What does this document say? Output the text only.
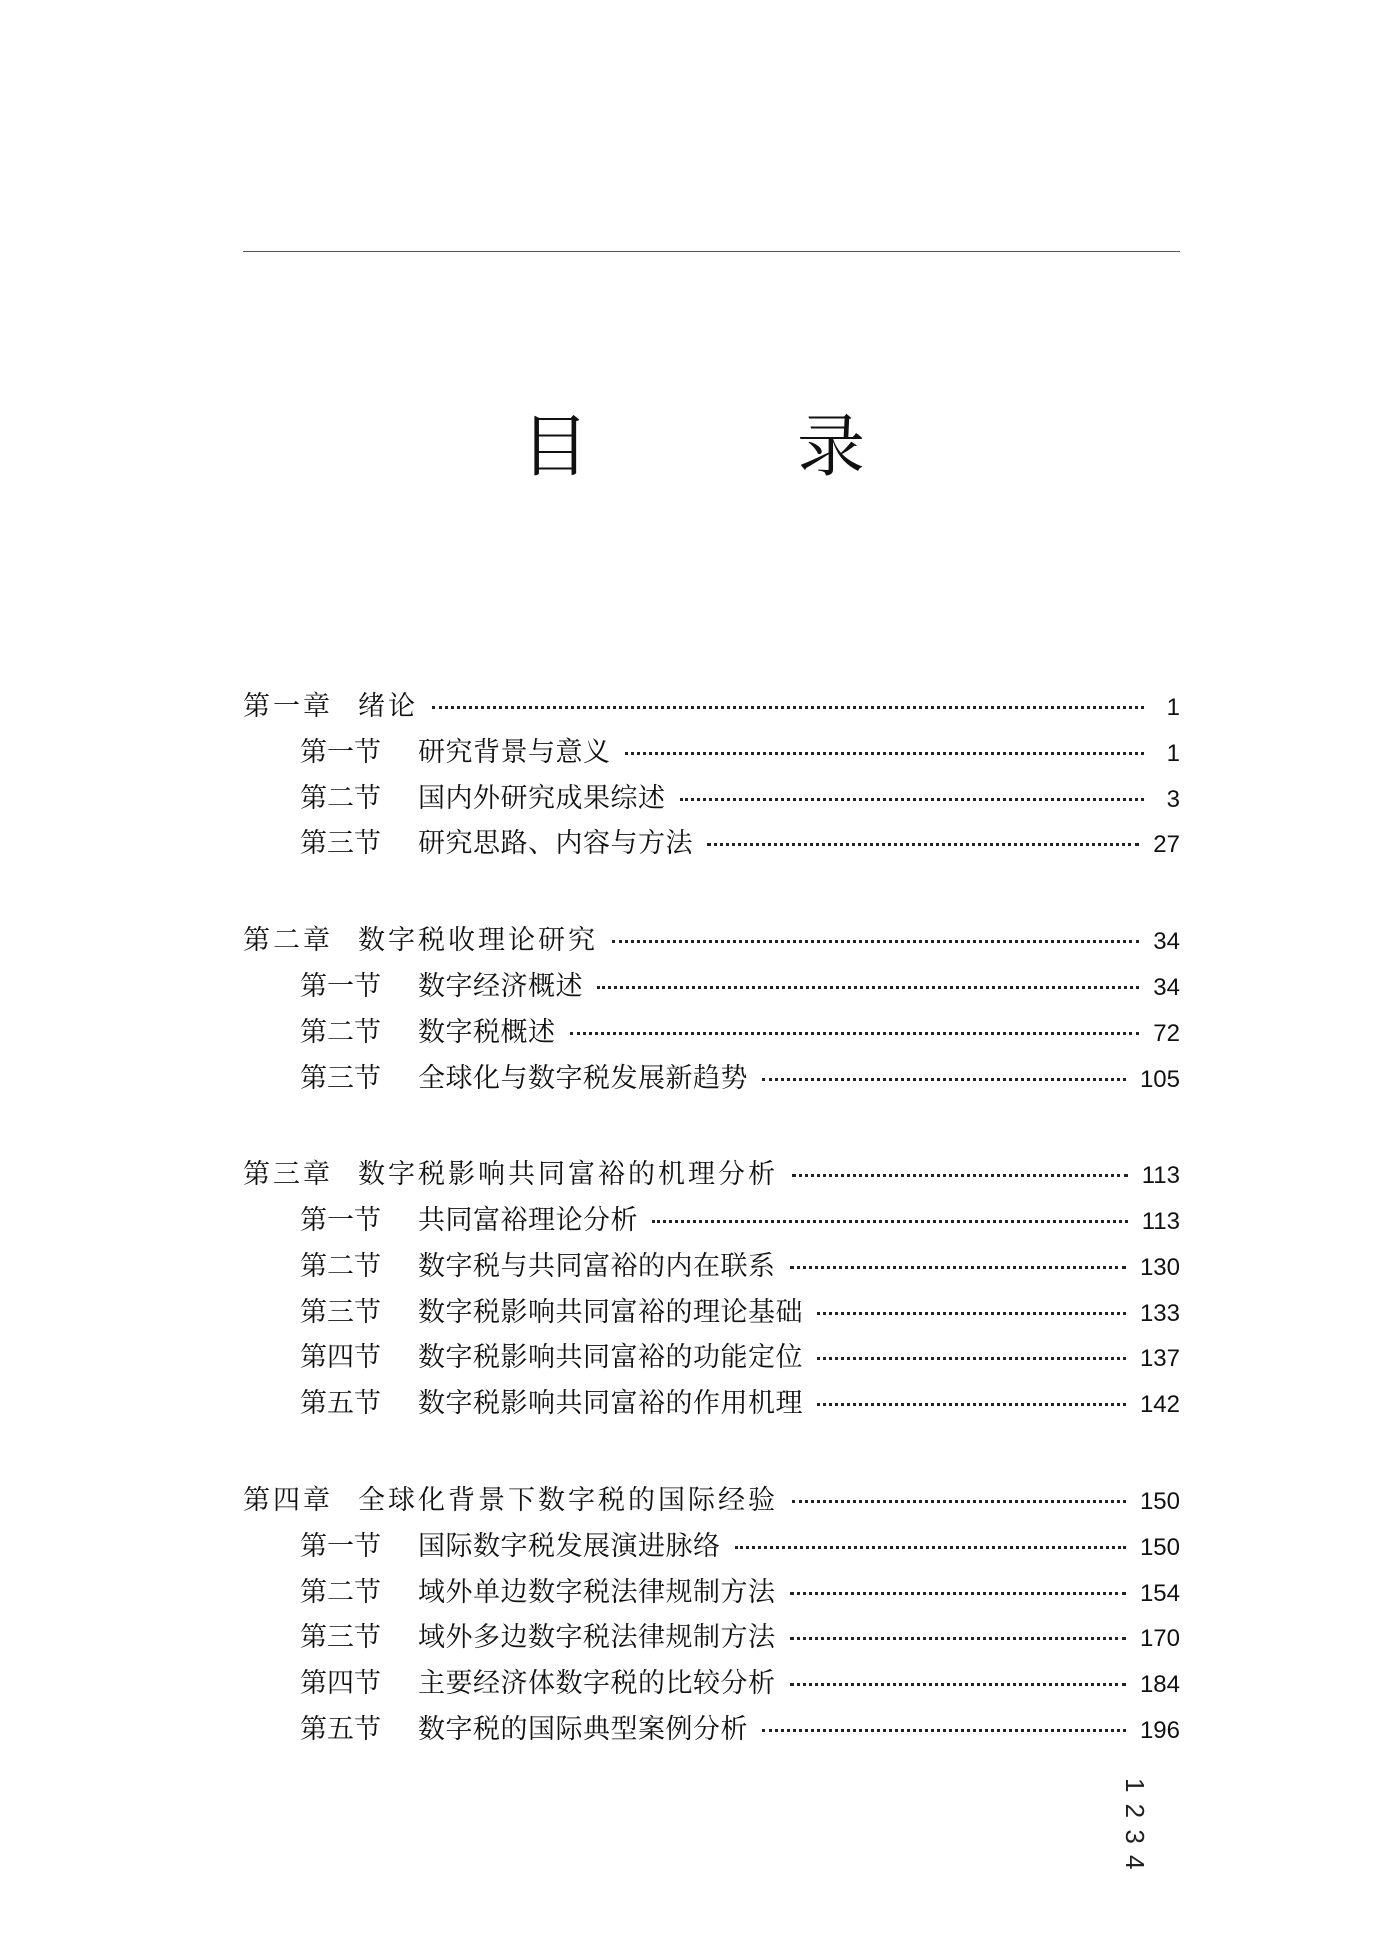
目　录
第一章 绪论	1
第一节	研究背景与意义	1
第二节	国内外研究成果综述	3
第三节	研究思路、内容与方法	27
第二章 数字税收理论研究	34
第一节	数字经济概述	34
第二节	数字税概述	72
第三节	全球化与数字税发展新趋势	105
第三章 数字税影响共同富裕的机理分析	113
第一节	共同富裕理论分析	113
第二节	数字税与共同富裕的内在联系	130
第三节	数字税影响共同富裕的理论基础	133
第四节	数字税影响共同富裕的功能定位	137
第五节	数字税影响共同富裕的作用机理	142
第四章 全球化背景下数字税的国际经验	150
第一节	国际数字税发展演进脉络	150
第二节	域外单边数字税法律规制方法	154
第三节	域外多边数字税法律规制方法	170
第四节	主要经济体数字税的比较分析	184
第五节	数字税的国际典型案例分析	196
1 2 3 4
